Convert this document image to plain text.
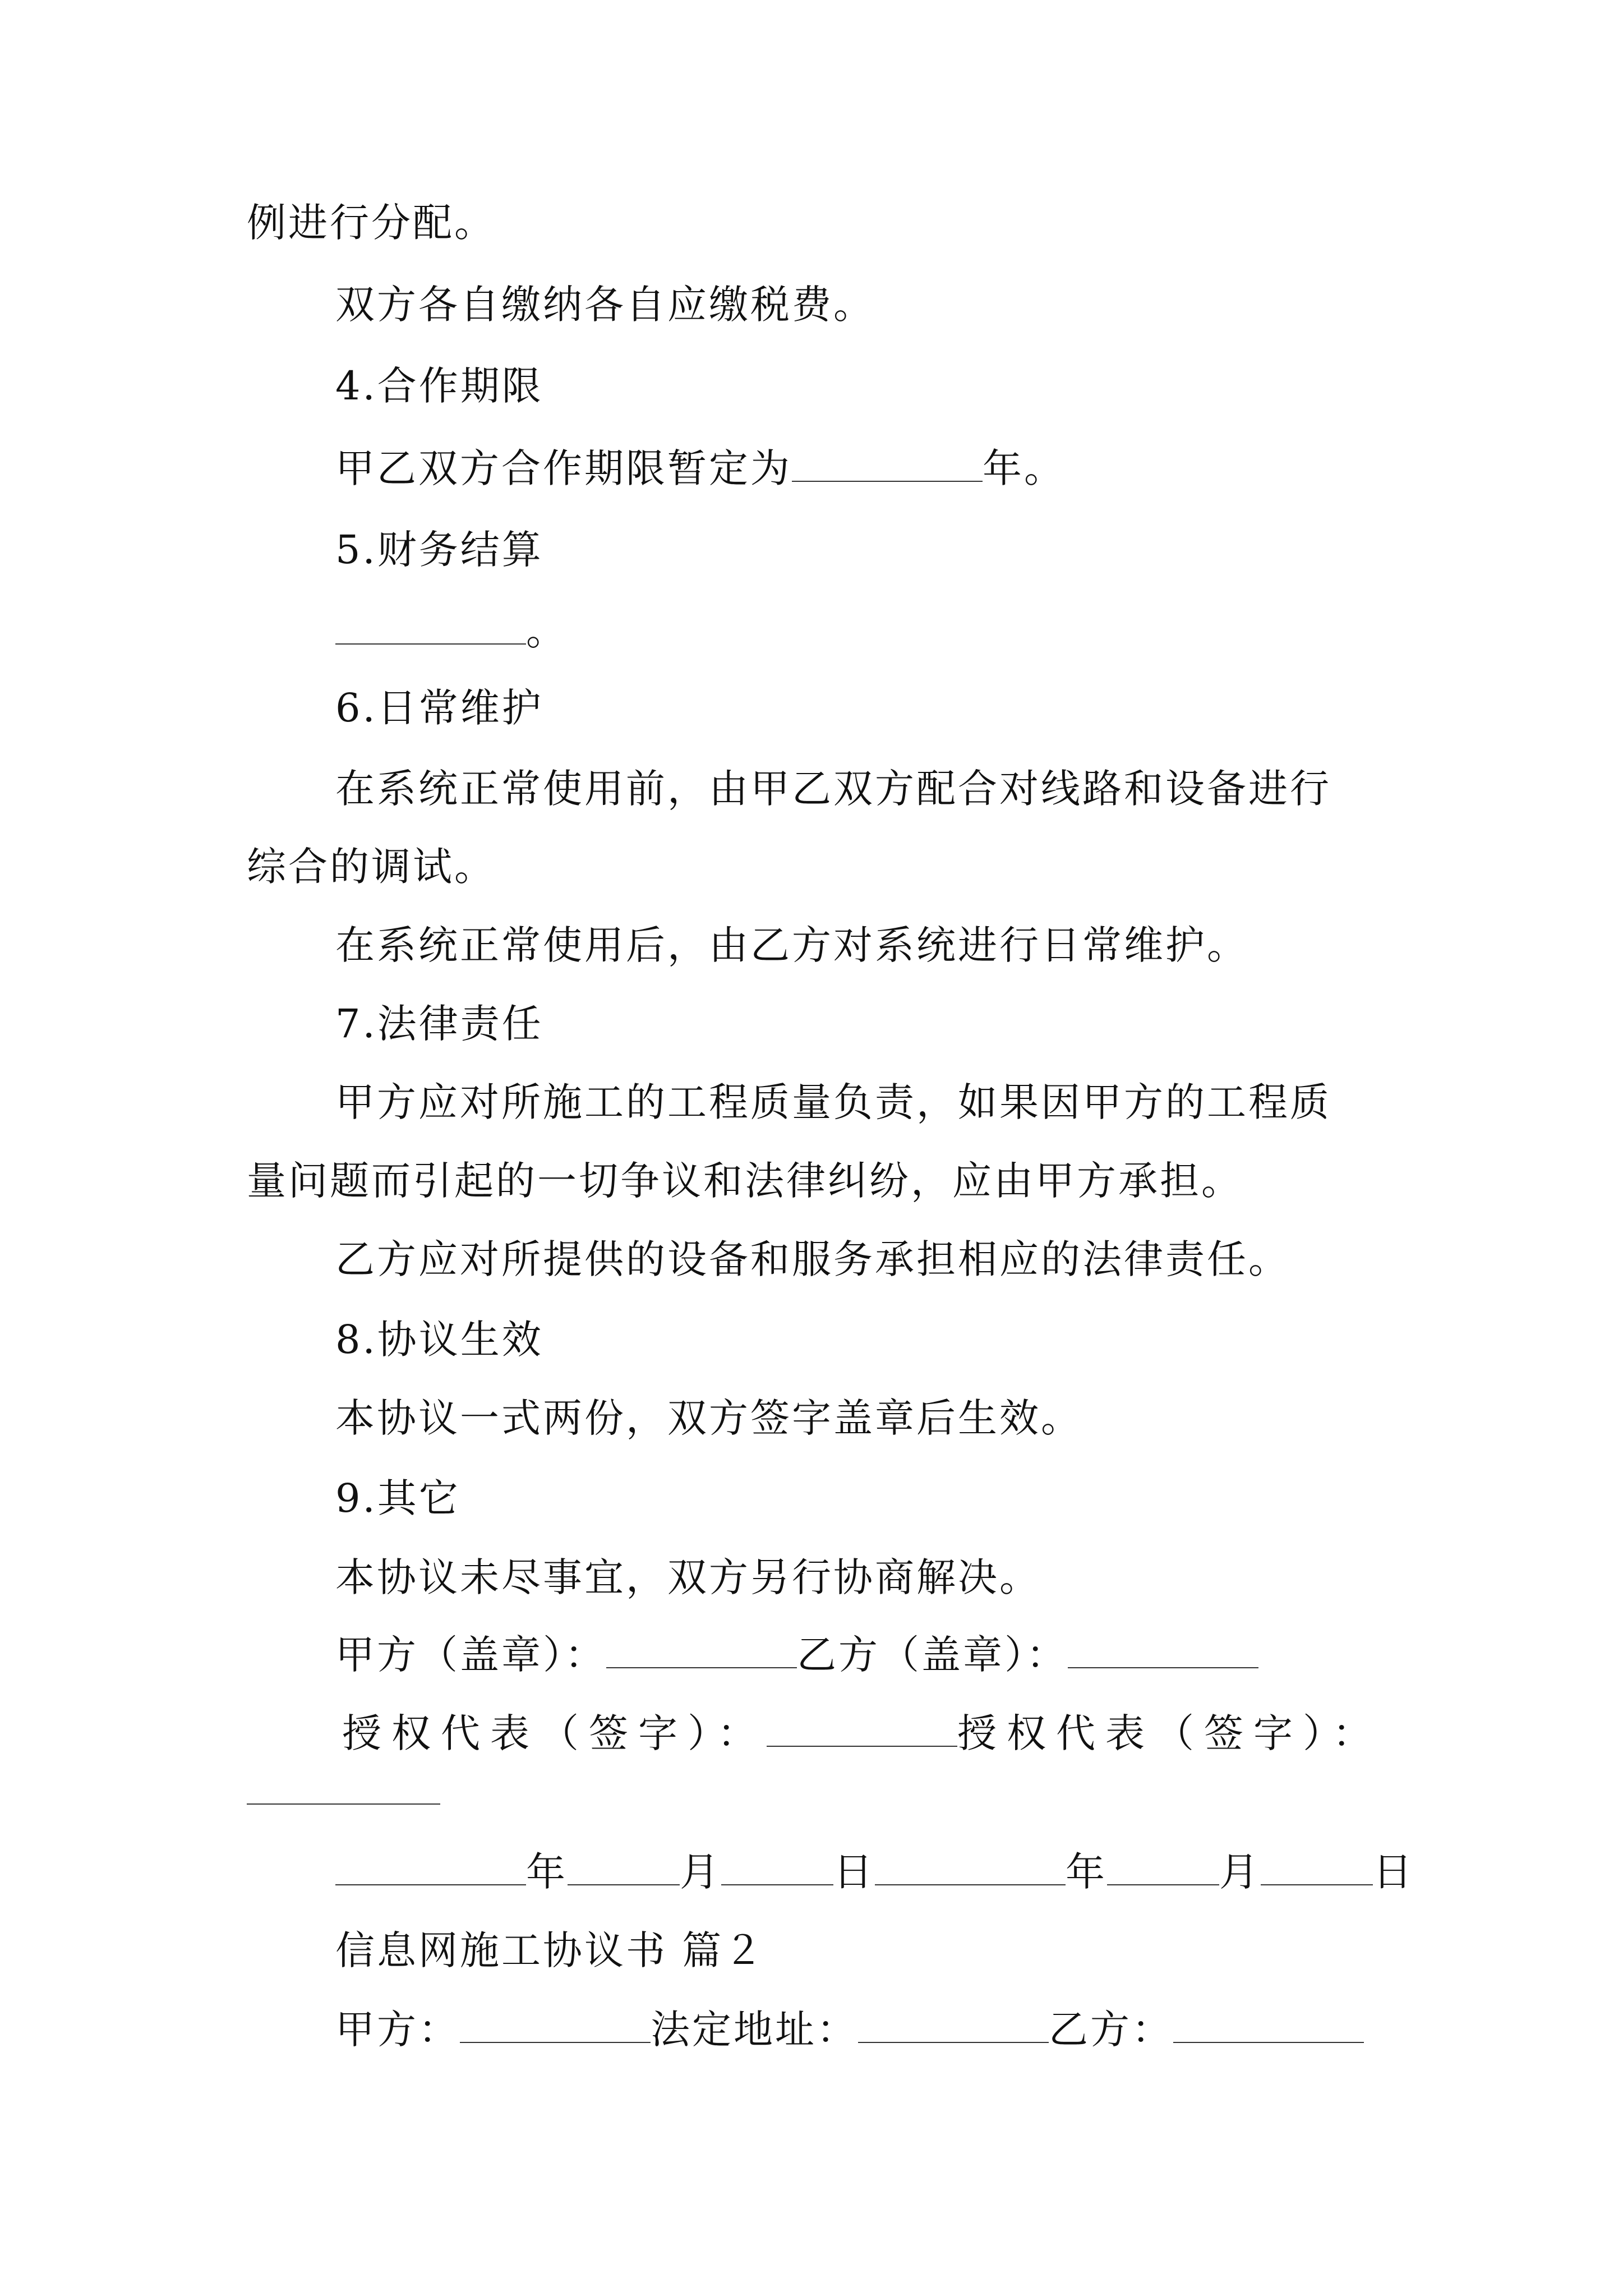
例进行分配。
双方各自缴纳各自应缴税费。
4.合作期限
甲乙双方合作期限暂定为	年。
5.财务结算
。
6.日常维护
在系统正常使用前，由甲乙双方配合对线路和设备进行
综合的调试。
在系统正常使用后，由乙方对系统进行日常维护。
7.法律责任
甲方应对所施工的工程质量负责，如果因甲方的工程质
量问题而引起的一切争议和法律纠纷，应由甲方承担。
乙方应对所提供的设备和服务承担相应的法律责任。
8.协议生效
本协议一式两份，双方签字盖章后生效。
9.其它
本协议未尽事宜，双方另行协商解决。
甲方（盖章）：	乙方（盖章）：
授权代表（签字）：	授权代表（签字）：
年	月	日	年	月	日
信息网施工协议书 篇２
甲方：	法定地址：	乙方：
